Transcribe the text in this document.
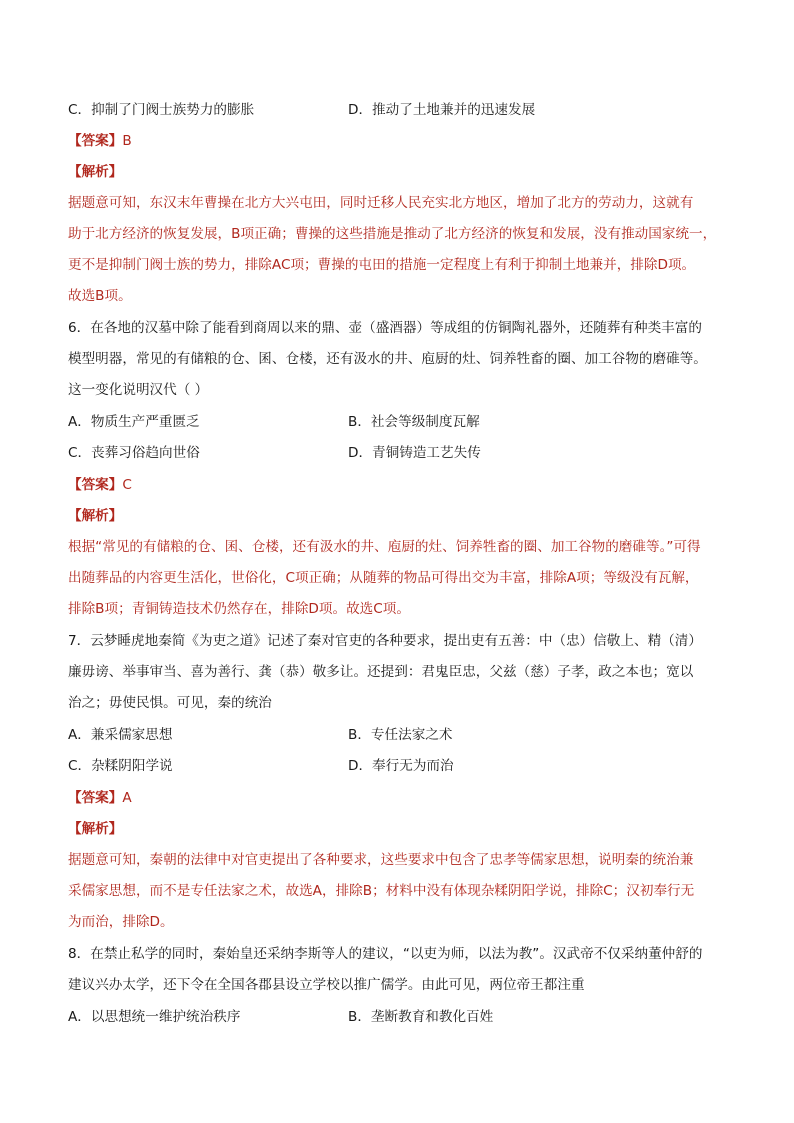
C．抑制了门阀士族势力的膨胀	D．推动了土地兼并的迅速发展
【答案】B
【解析】
据题意可知，东汉末年曹操在北方大兴屯田，同时迁移人民充实北方地区，增加了北方的劳动力，这就有
助于北方经济的恢复发展，B项正确；曹操的这些措施是推动了北方经济的恢复和发展，没有推动国家统一，
更不是抑制门阀士族的势力，排除AC项；曹操的屯田的措施一定程度上有利于抑制土地兼并，排除D项。
故选B项。
6．在各地的汉墓中除了能看到商周以来的鼎、壶（盛酒器）等成组的仿铜陶礼器外，还随葬有种类丰富的
模型明器，常见的有储粮的仓、囷、仓楼，还有汲水的井、庖厨的灶、饲养牲畜的圈、加工谷物的磨碓等。
这一变化说明汉代（ ）
A．物质生产严重匮乏	B．社会等级制度瓦解
C．丧葬习俗趋向世俗	D．青铜铸造工艺失传
【答案】C
【解析】
根据“常见的有储粮的仓、囷、仓楼，还有汲水的井、庖厨的灶、饲养牲畜的圈、加工谷物的磨碓等。”可得
出随葬品的内容更生活化，世俗化，C项正确；从随葬的物品可得出交为丰富，排除A项；等级没有瓦解，
排除B项；青铜铸造技术仍然存在，排除D项。故选C项。
7．云梦睡虎地秦简《为吏之道》记述了秦对官吏的各种要求，提出吏有五善：中（忠）信敬上、精（清）
廉毋谤、举事审当、喜为善行、龚（恭）敬多让。还提到：君鬼臣忠，父兹（慈）子孝，政之本也；宽以
治之；毋使民惧。可见，秦的统治
A．兼采儒家思想	B．专任法家之术
C．杂糅阴阳学说	D．奉行无为而治
【答案】A
【解析】
据题意可知，秦朝的法律中对官吏提出了各种要求，这些要求中包含了忠孝等儒家思想，说明秦的统治兼
采儒家思想，而不是专任法家之术，故选A，排除B；材料中没有体现杂糅阴阳学说，排除C；汉初奉行无
为而治，排除D。
8．在禁止私学的同时，秦始皇还采纳李斯等人的建议，“以吏为师，以法为教”。汉武帝不仅采纳董仲舒的
建议兴办太学，还下令在全国各郡县设立学校以推广儒学。由此可见，两位帝王都注重
A．以思想统一维护统治秩序	B．垄断教育和教化百姓
